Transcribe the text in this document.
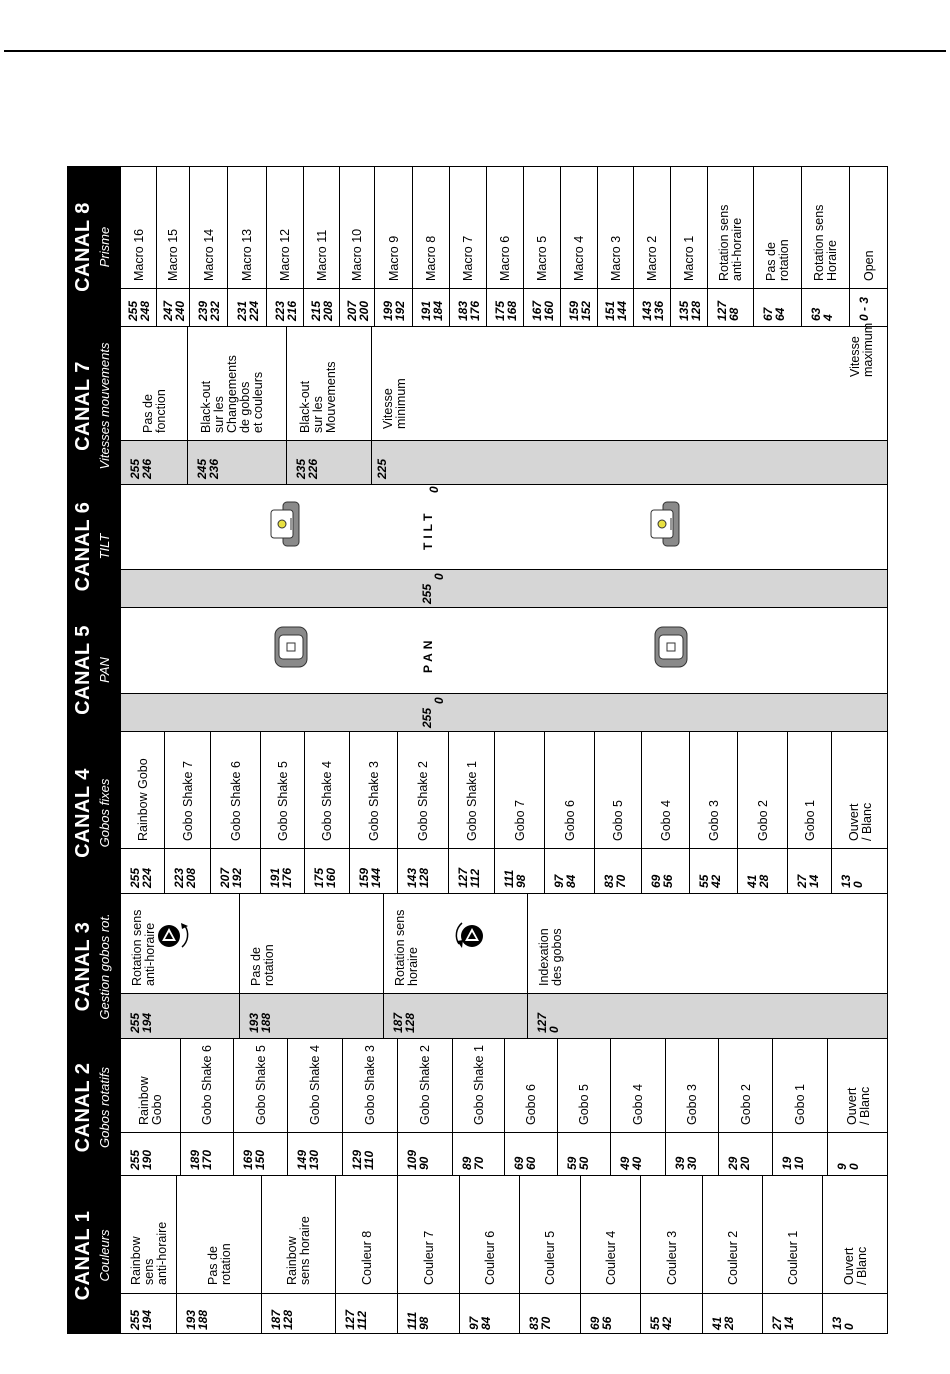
CANAL 1 Couleurs
255
194
Rainbow sens anti-horaire
193
188
Pas de rotation
187
128
Rainbow sens horaire
127
112
Couleur 8
111
98
Couleur 7
97
84
Couleur 6
83
70
Couleur 5
69
56
Couleur 4
55
42
Couleur 3
41
28
Couleur 2
27
14
Couleur 1
13
0
Ouvert / Blanc
CANAL 2 Gobos rotatifs
255
190
Rainbow Gobo
189
170
Gobo Shake 6
169
150
Gobo Shake 5
149
130
Gobo Shake 4
129
110
Gobo Shake 3
109
90
Gobo Shake 2
89
70
Gobo Shake 1
69
60
Gobo 6
59
50
Gobo 5
49
40
Gobo 4
39
30
Gobo 3
29
20
Gobo 2
19
10
Gobo 1
9
0
Ouvert / Blanc
CANAL 3 Gestion gobos rot.
255
194
Rotation sens anti-horaire
193
188
Pas de rotation
187
128
Rotation sens horaire
127
0
Indexation des gobos
CANAL 4 Gobos fixes
255
224
Rainbow Gobo
223
208
Gobo Shake 7
207
192
Gobo Shake 6
191
176
Gobo Shake 5
175
160
Gobo Shake 4
159
144
Gobo Shake 3
143
128
Gobo Shake 2
127
112
Gobo Shake 1
111
98
Gobo 7
97
84
Gobo 6
83
70
Gobo 5
69
56
Gobo 4
55
42
Gobo 3
41
28
Gobo 2
27
14
Gobo 1
13
0
Ouvert / Blanc
CANAL 5 PAN
255
0
PAN
CANAL 6 TILT
255
0
TILT
CANAL 7 Vitesses mouvements 255
246
Pas de fonction
245
236
Black-out sur les Changements de gobos et couleurs
235
226
Black-out sur les Mouvements
225
0
Vitesse minimum
Vitesse maximum
CANAL 8 Prisme
255
248
Macro 16
247
240
Macro 15
239
232
Macro 14
231
224
Macro 13
223
216
Macro 12
215
208
Macro 11
207
200
Macro 10
199
192
Macro 9
191
184
Macro 8
183
176
Macro 7
175
168
Macro 6
167
160
Macro 5
159
152
Macro 4
151
144
Macro 3
143
136
Macro 2
135
128
Macro 1
127
68
Rotation sens anti-horaire
67
64
Pas de rotation
63
4
Rotation sens Horaire
0 - 3
Open
